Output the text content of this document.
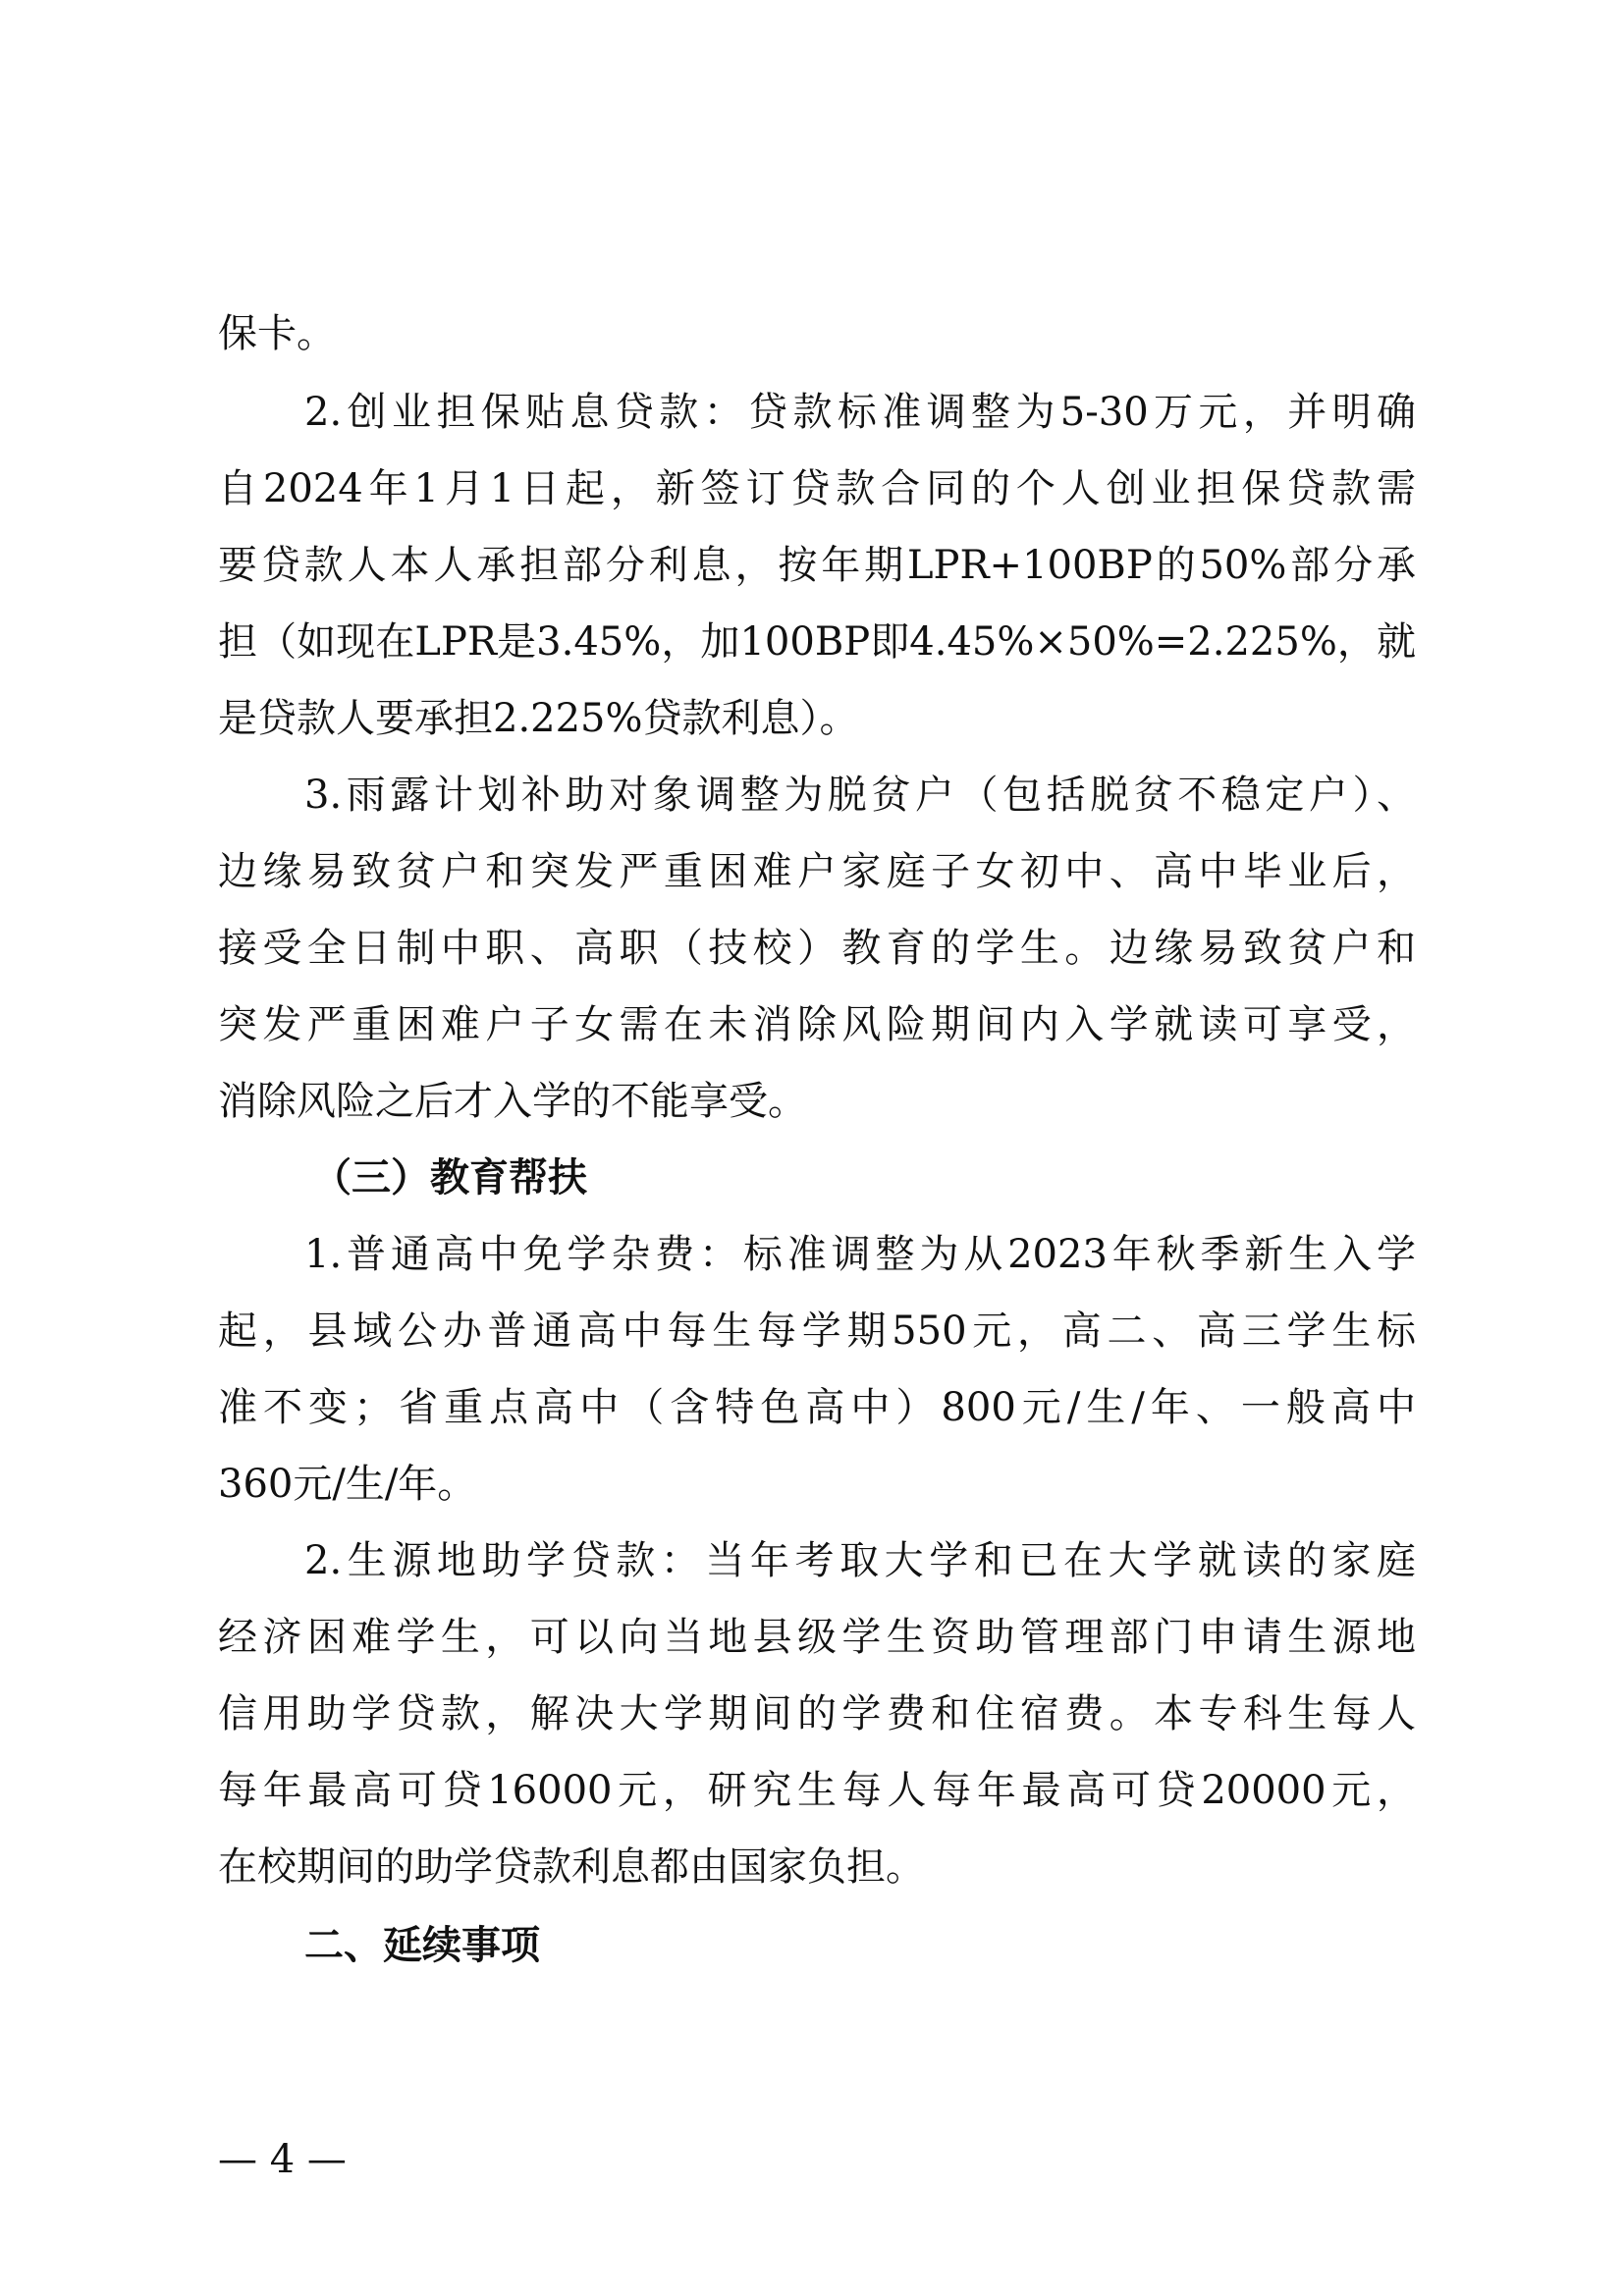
保卡。
2.创业担保贴息贷款：贷款标准调整为5-30万元，并明确
自2024年1月1日起，新签订贷款合同的个人创业担保贷款需
要贷款人本人承担部分利息，按年期LPR+100BP的50%部分承
担（如现在LPR是3.45%，加100BP即4.45%×50%=2.225%，就
是贷款人要承担2.225%贷款利息）。
3.雨露计划补助对象调整为脱贫户（包括脱贫不稳定户）、
边缘易致贫户和突发严重困难户家庭子女初中、高中毕业后，
接受全日制中职、高职（技校）教育的学生。边缘易致贫户和
突发严重困难户子女需在未消除风险期间内入学就读可享受，
消除风险之后才入学的不能享受。
（三）教育帮扶
1.普通高中免学杂费：标准调整为从2023年秋季新生入学
起，县域公办普通高中每生每学期550元，高二、高三学生标
准不变；省重点高中（含特色高中）800元/生/年、一般高中
360元/生/年。
2.生源地助学贷款：当年考取大学和已在大学就读的家庭
经济困难学生，可以向当地县级学生资助管理部门申请生源地
信用助学贷款，解决大学期间的学费和住宿费。本专科生每人
每年最高可贷16000元，研究生每人每年最高可贷20000元，
在校期间的助学贷款利息都由国家负担。
二、延续事项
— 4 —
